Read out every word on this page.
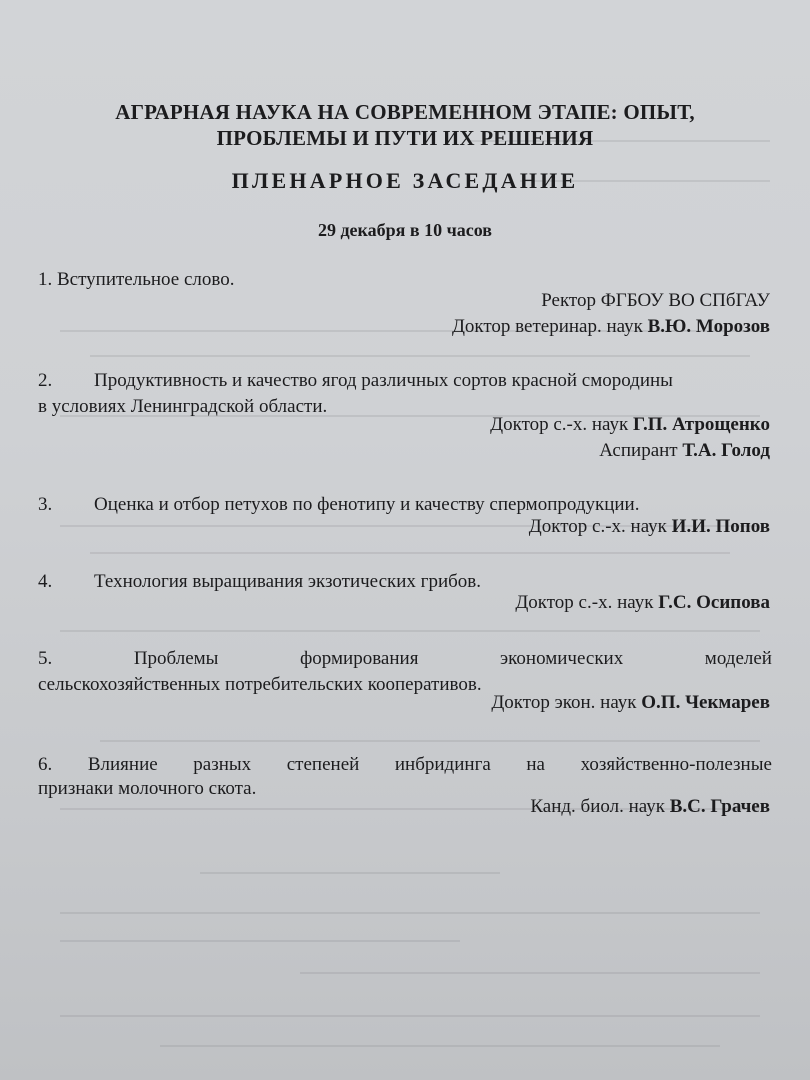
АГРАРНАЯ НАУКА НА СОВРЕМЕННОМ ЭТАПЕ: ОПЫТ,
ПРОБЛЕМЫ И ПУТИ ИХ РЕШЕНИЯ
ПЛЕНАРНОЕ ЗАСЕДАНИЕ
29 декабря в 10 часов
1. Вступительное слово.
Ректор ФГБОУ ВО СПбГАУ
Доктор ветеринар. наук В.Ю. Морозов
2. Продуктивность и качество ягод различных сортов красной смородины
в условиях Ленинградской области.
Доктор с.-х. наук Г.П. Атрощенко
Аспирант Т.А. Голод
3. Оценка и отбор петухов по фенотипу и качеству спермопродукции.
Доктор с.-х. наук И.И. Попов
4. Технология выращивания экзотических грибов.
Доктор с.-х. наук Г.С. Осипова
5.	Проблемы	формирования	экономических	моделей
сельскохозяйственных потребительских кооперативов.
Доктор экон. наук О.П. Чекмарев
6. Влияние разных степеней инбридинга на хозяйственно-полезные
признаки молочного скота.
Канд. биол. наук В.С. Грачев
